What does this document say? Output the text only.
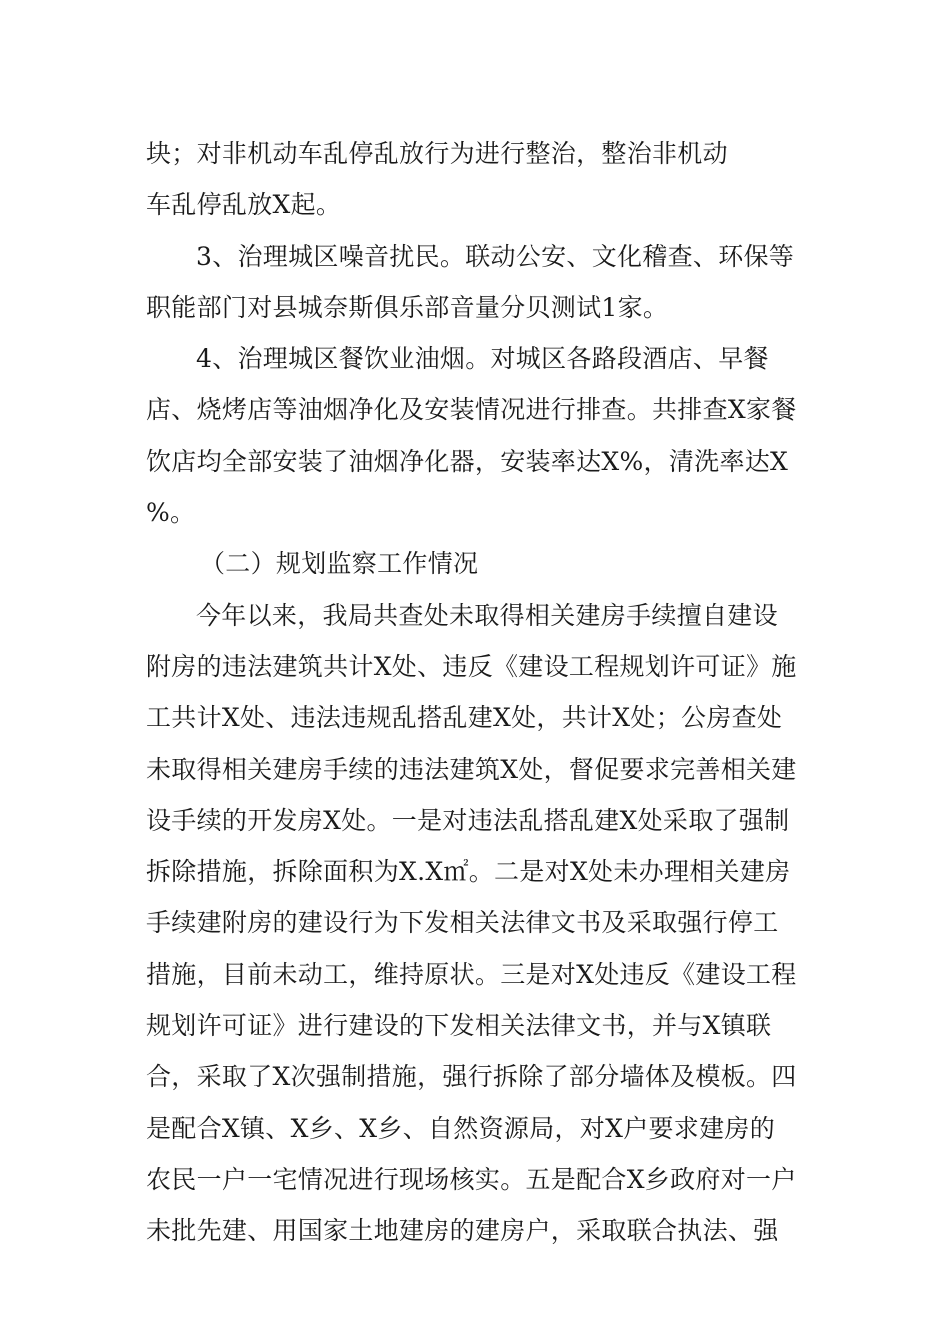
块；对非机动车乱停乱放行为进行整治，整治非机动
车乱停乱放X起。
3、治理城区噪音扰民。联动公安、文化稽查、环保等
职能部门对县城奈斯俱乐部音量分贝测试1家。
4、治理城区餐饮业油烟。对城区各路段酒店、早餐
店、烧烤店等油烟净化及安装情况进行排查。共排查X家餐
饮店均全部安装了油烟净化器，安装率达X%，清洗率达X
%。
（二）规划监察工作情况
今年以来，我局共查处未取得相关建房手续擅自建设
附房的违法建筑共计X处、违反《建设工程规划许可证》施
工共计X处、违法违规乱搭乱建X处，共计X处；公房查处
未取得相关建房手续的违法建筑X处，督促要求完善相关建
设手续的开发房X处。一是对违法乱搭乱建X处采取了强制
拆除措施，拆除面积为X.X㎡。二是对X处未办理相关建房
手续建附房的建设行为下发相关法律文书及采取强行停工
措施，目前未动工，维持原状。三是对X处违反《建设工程
规划许可证》进行建设的下发相关法律文书，并与X镇联
合，采取了X次强制措施，强行拆除了部分墙体及模板。四
是配合X镇、X乡、X乡、自然资源局，对X户要求建房的
农民一户一宅情况进行现场核实。五是配合X乡政府对一户
未批先建、用国家土地建房的建房户，采取联合执法、强
